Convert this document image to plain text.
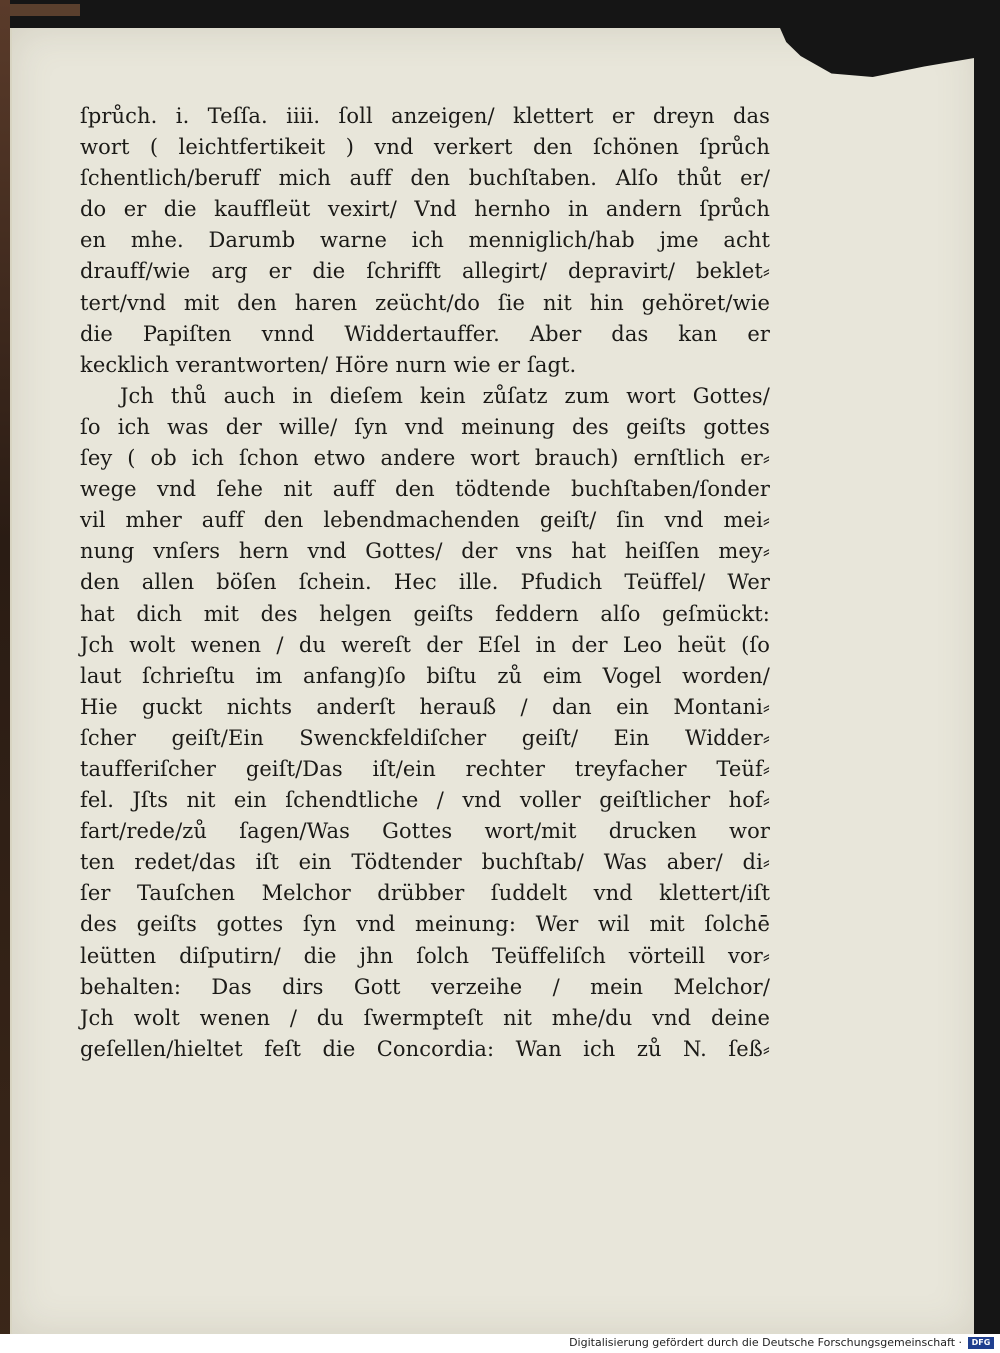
ſprůch. i. Teſſa. iiii. ſoll anzeigen/ klettert er dreyn das
wort ( leichtfertikeit ) vnd verkert den ſchönen ſprůch
ſchentlich/beruff mich auff den buchſtaben. Alſo thůt er/
do er die kauffleüt vexirt/ Vnd hernho in andern ſprůch
en mhe. Darumb warne ich menniglich/hab jme acht
drauff/wie arg er die ſchrifft allegirt/ depravirt/ beklet⸗
tert/vnd mit den haren zeücht/do ſie nit hin gehöret/wie
die Papiſten vnnd Widdertauffer. Aber das kan er
kecklich verantworten/ Höre nurn wie er ſagt.
Jch thů auch in dieſem kein zůſatz zum wort Gottes/
ſo ich was der wille/ ſyn vnd meinung des geiſts gottes
ſey ( ob ich ſchon etwo andere wort brauch) ernſtlich er⸗
wege vnd ſehe nit auff den tödtende buchſtaben/ſonder
vil mher auff den lebendmachenden geiſt/ ſin vnd mei⸗
nung vnſers hern vnd Gottes/ der vns hat heiſſen mey⸗
den allen böſen ſchein. Hec ille. Pfudich Teüffel/ Wer
hat dich mit des helgen geiſts feddern alſo geſmückt:
Jch wolt wenen / du wereſt der Eſel in der Leo heüt (ſo
laut ſchrieſtu im anfang)ſo biſtu zů eim Vogel worden/
Hie guckt nichts anderſt herauß / dan ein Montani⸗
ſcher geiſt/Ein Swenckfeldiſcher geiſt/ Ein Widder⸗
taufferiſcher geiſt/Das iſt/ein rechter treyfacher Teüf⸗
fel. Jſts nit ein ſchendtliche / vnd voller geiſtlicher hof⸗
fart/rede/zů ſagen/Was Gottes wort/mit drucken wor
ten redet/das iſt ein Tödtender buchſtab/ Was aber/ di⸗
ſer Tauſchen Melchor drübber ſuddelt vnd klettert/iſt
des geiſts gottes ſyn vnd meinung: Wer wil mit ſolchē
leütten diſputirn/ die jhn ſolch Teüffeliſch vörteill vor⸗
behalten: Das dirs Gott verzeihe / mein Melchor/
Jch wolt wenen / du ſwermpteſt nit mhe/du vnd deine
geſellen/hieltet feſt die Concordia: Wan ich zů N. ſeß⸗
Digitalisierung gefördert durch die Deutsche Forschungsgemeinschaft ·	DFG
